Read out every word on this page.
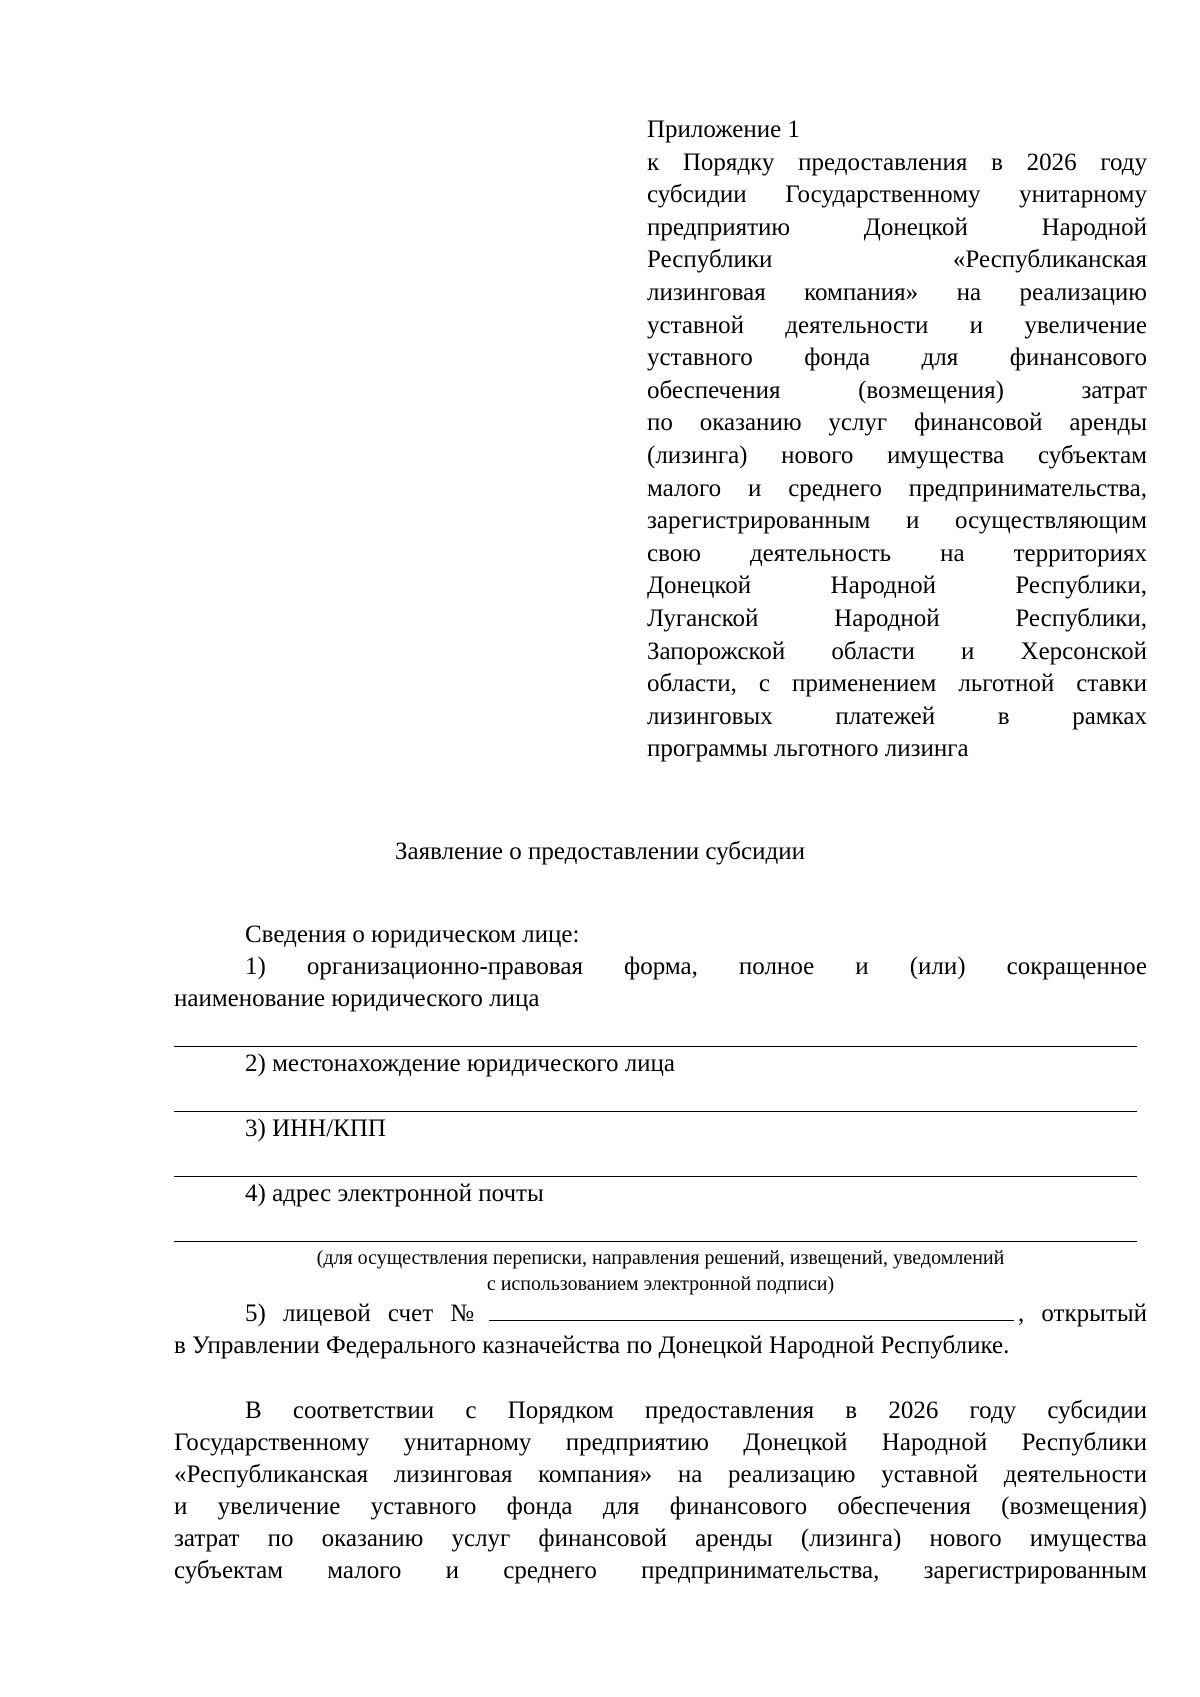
Приложение 1
к Порядку предоставления в 2026 году
субсидии Государственному унитарному
предприятию Донецкой Народной
Республики «Республиканская
лизинговая компания» на реализацию
уставной деятельности и увеличение
уставного фонда для финансового
обеспечения (возмещения) затрат
по оказанию услуг финансовой аренды
(лизинга) нового имущества субъектам
малого и среднего предпринимательства,
зарегистрированным и осуществляющим
свою деятельность на территориях
Донецкой Народной Республики,
Луганской Народной Республики,
Запорожской области и Херсонской
области, с применением льготной ставки
лизинговых платежей в рамках
программы льготного лизинга
Заявление о предоставлении субсидии
Сведения о юридическом лице:
1) организационно-правовая форма, полное и (или) сокращенное
наименование юридического лица
2) местонахождение юридического лица
3) ИНН/КПП
4) адрес электронной почты
(для осуществления переписки, направления решений, извещений, уведомлений
с использованием электронной подписи)
5) лицевой счет №	, открытый
в Управлении Федерального казначейства по Донецкой Народной Республике.
В соответствии с Порядком предоставления в 2026 году субсидии
Государственному унитарному предприятию Донецкой Народной Республики
«Республиканская лизинговая компания» на реализацию уставной деятельности
и увеличение уставного фонда для финансового обеспечения (возмещения)
затрат по оказанию услуг финансовой аренды (лизинга) нового имущества
субъектам малого и среднего предпринимательства, зарегистрированным
